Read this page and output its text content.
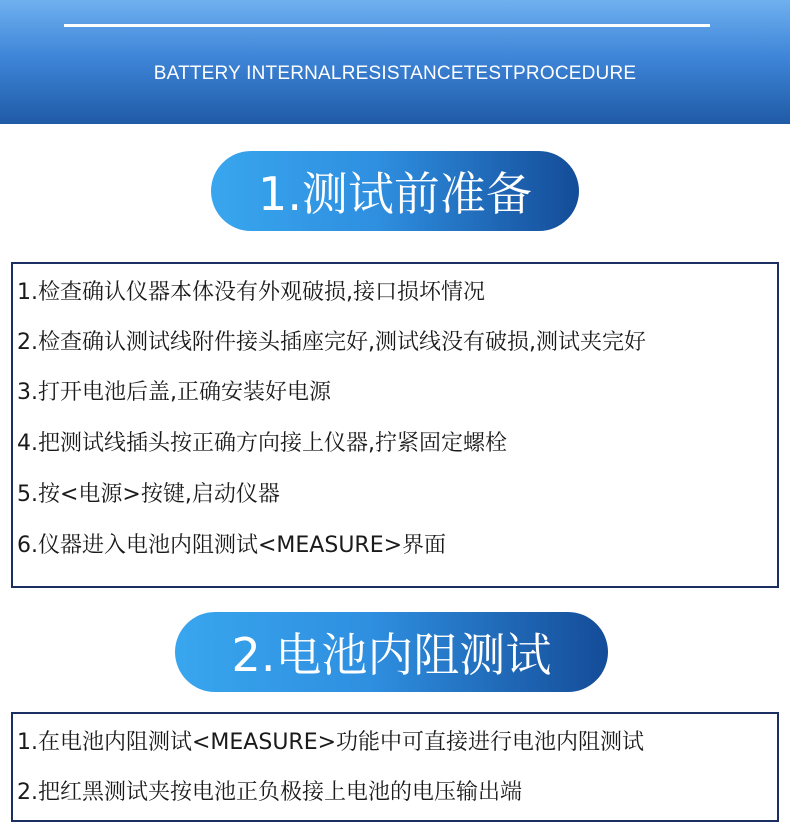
BATTERY INTERNALRESISTANCETESTPROCEDURE
1.测试前准备
1.检查确认仪器本体没有外观破损,接口损坏情况
2.检查确认测试线附件接头插座完好,测试线没有破损,测试夹完好
3.打开电池后盖,正确安装好电源
4.把测试线插头按正确方向接上仪器,拧紧固定螺栓
5.按<电源>按键,启动仪器
6.仪器进入电池内阻测试<MEASURE>界面
2.电池内阻测试
1.在电池内阻测试<MEASURE>功能中可直接进行电池内阻测试
2.把红黑测试夹按电池正负极接上电池的电压输出端
